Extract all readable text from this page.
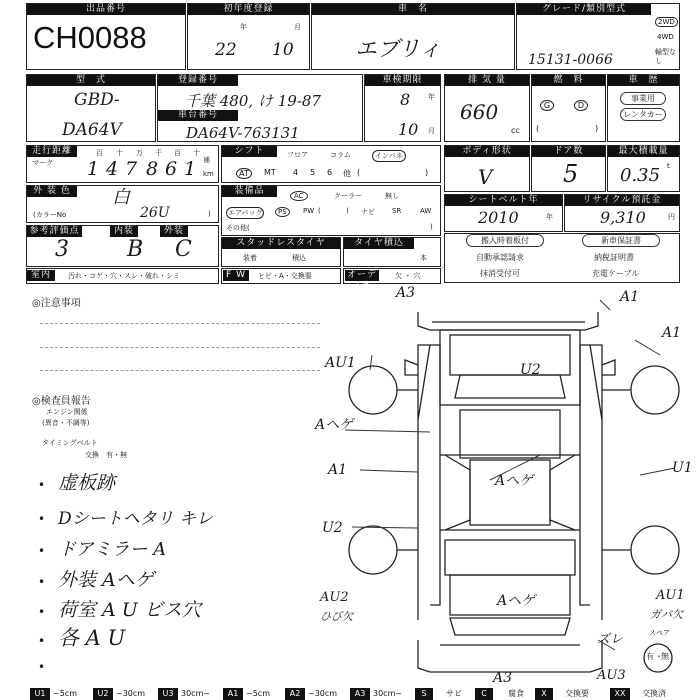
出品番号
CH0088
初年度登録
22
年
10
月
車　名
エブリィ
グレード/類別型式
15131-0066
2WD
4WD
輸型なし
型　式
GBD-
DA64V
登録番号
千葉 480, け 19-87
車台番号
DA64V-763131
車検期限
8	年
10 月
排 気 量
660
cc
燃　料
G	D
(	)
車　歴
事業用
レンタカー
走行距離
マーク 1 4 7 8 6 1
百 十 万 千 百 十
補
km
シフト	フロア	コラム	インパネ
AT	MT 4 5 6 他 (	)
ボディ形状
V
ドア数
5
最大積載量
0.35 t
外 装 色	白
(カラーNo	26U	)
装備品	AC	クーラー	無し
エアバッグ	PS	PW (	) ナビ SR	AW
その他(	)
シートベルト年
2010	年
リサイクル預託金
9,310	円
参考評価点
3
内装
B
外装
C	スタッドレスタイヤ
装着	積込
タイヤ積込
本
搬入時着板付	新車保証書
自動承認請求	納税証明書
抹消受付可	充電ケーブル
室内	汚れ・コゲ・穴・スレ・破れ・シミ	F W	ヒビ・A・交換要	オーディオ
欠 ・ 穴
◎注意事項
◎検査員報告
エンジン関係
(異音・不調等)
タイミングベルト
交換　有・無
• 虚板跡
• Dシートヘタリ キレ
• ドアミラー A
• 外装 Aヘゲ
• 荷室 A U ビス穴
• 各 A U
•
A3	A1
A1
AU1	U2
Aヘゲ
A1
Aヘゲ
U1
U2
Aヘゲ
AU2
ひび欠
AU1
ガバ欠
スペア
ズレ
A3	AU3
有 ・
無
U1 ~5cm	U2 ~30cm	U3 30cm~	A1 ~5cm	A2 ~30cm	A3 30cm~	S	サビ	C	腐食	X	交換要	XX	交換済
